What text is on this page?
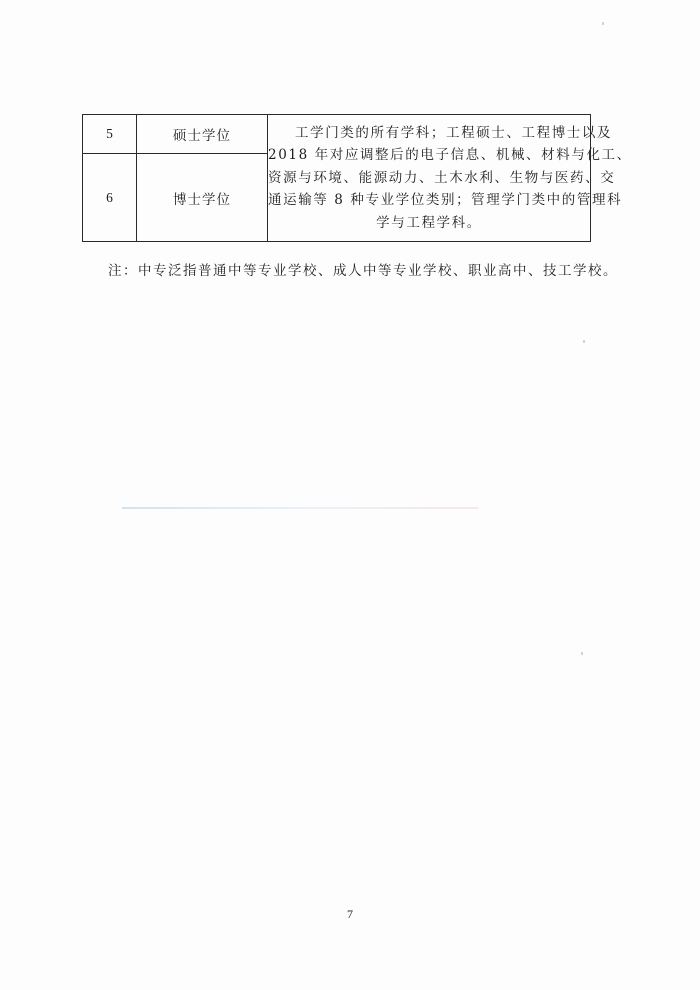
5	硕士学位	工学门类的所有学科；工程硕士、工程博士以及
2018 年对应调整后的电子信息、机械、材料与化工、
资源与环境、能源动力、土木水利、生物与医药、交
通运输等 8 种专业学位类别；管理学门类中的管理科
学与工程学科。

6	博士学位	
注：中专泛指普通中等专业学校、成人中等专业学校、职业高中、技工学校。
7
